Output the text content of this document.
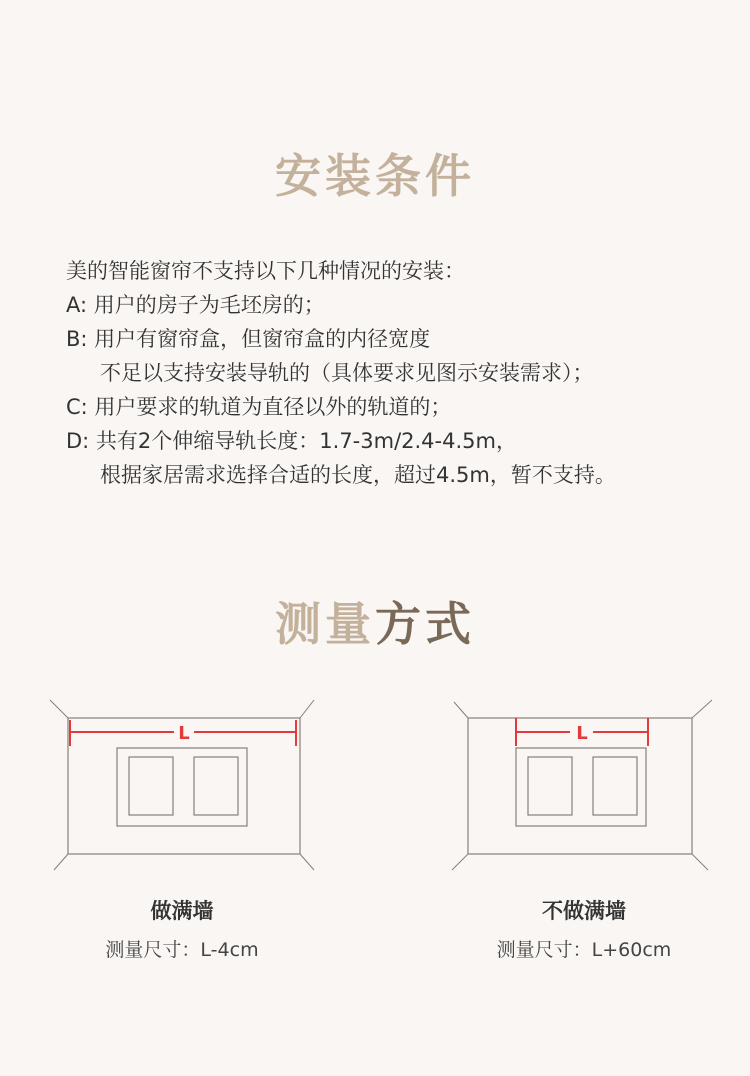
安装条件
美的智能窗帘不支持以下几种情况的安装：
A: 用户的房子为毛坯房的；
B: 用户有窗帘盒，但窗帘盒的内径宽度
不足以支持安装导轨的（具体要求见图示安装需求）；
C: 用户要求的轨道为直径以外的轨道的；
D: 共有2个伸缩导轨长度：1.7-3m/2.4-4.5m，
根据家居需求选择合适的长度，超过4.5m，暂不支持。
测量方式
L	L
做满墙
测量尺寸：L-4cm
不做满墙
测量尺寸：L+60cm
